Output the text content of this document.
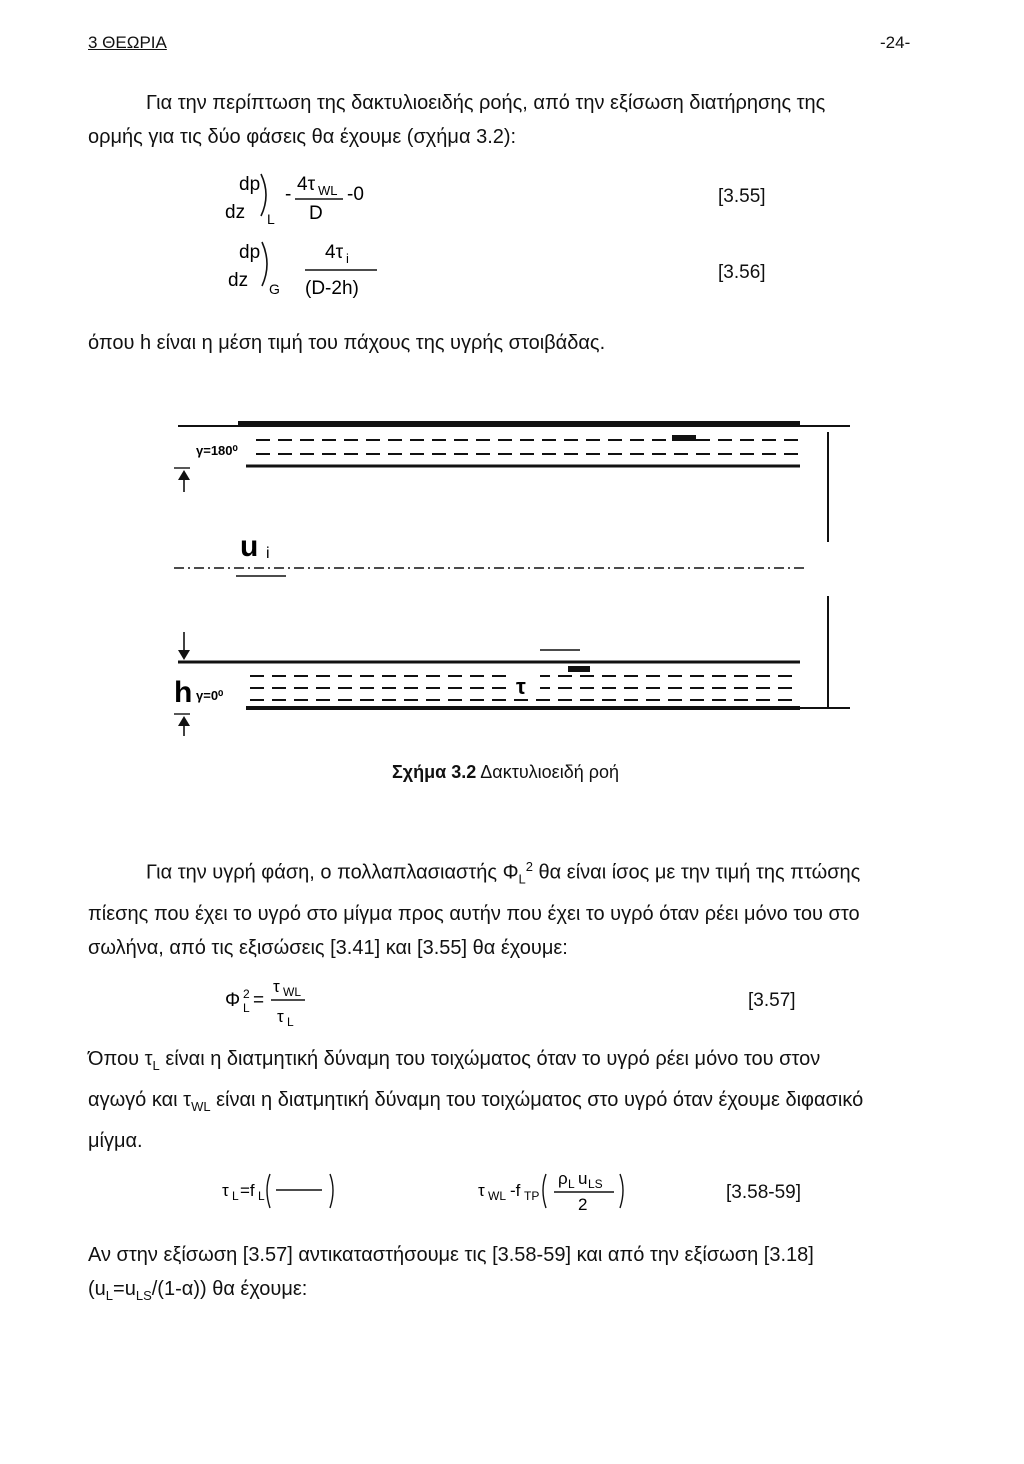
3 ΘΕΩΡΙΑ	-24-
Για την περίπτωση της δακτυλιοειδής ροής, από την εξίσωση διατήρησης της
ορμής για τις δύο φάσεις θα έχουμε (σχήμα 3.2):
dp
dz L
- 4τ WL
D
-0	[3.55]
dp
dz G
4τ i
(D-2h)
[3.56]
όπου h είναι η μέση τιμή του πάχους της υγρής στοιβάδας.
γ=180⁰
u i
h γ=0⁰	τ
Σχήμα 3.2 Δακτυλιοειδή ροή
Για την υγρή φάση, ο πολλαπλασιαστής $\Phi_L^2$ θα είναι ίσος με την τιμή της πτώσης
πίεσης που έχει το υγρό στο μίγμα προς αυτήν που έχει το υγρό όταν ρέει μόνο του στο
σωλήνα, από τις εξισώσεις [3.41] και [3.55] θα έχουμε:
Φ 2
L =
τ WL
τ L
[3.57]
Όπου $\tau_L$ είναι η διατμητική δύναμη του τοιχώματος όταν το υγρό ρέει μόνο του στον
αγωγό και $\tau_{WL}$ είναι η διατμητική δύναμη του τοιχώματος στο υγρό όταν έχουμε διφασικό
μίγμα.
τ L =f L	τ WL -f TP
ρ L u LS
2
[3.58-59]
Αν στην εξίσωση [3.57] αντικαταστήσουμε τις [3.58-59] και από την εξίσωση [3.18]
$(u_L=u_{LS}/(1-\alpha))$ θα έχουμε:
